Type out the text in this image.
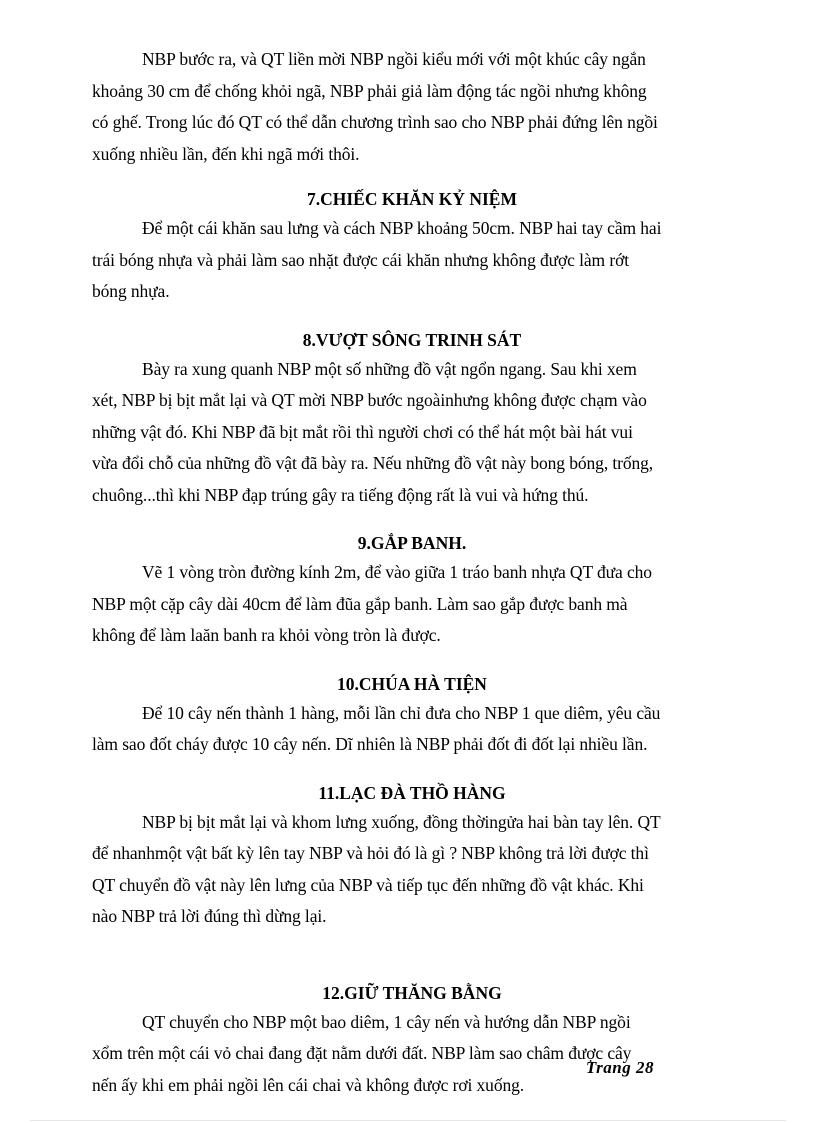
NBP bước ra, và QT liền mời NBP ngồi kiểu mới với một khúc cây ngắn

khoảng 30 cm để chống khỏi ngã, NBP phải giả làm động tác ngồi nhưng không

có ghế. Trong lúc đó QT có thể dẫn chương trình sao cho NBP phải đứng lên ngồi

xuống nhiều lần, đến khi ngã mới thôi.

7.CHIẾC KHĂN KỶ NIỆM

Để một cái khăn sau lưng và cách NBP khoảng 50cm. NBP hai tay cầm hai

trái bóng nhựa và phải làm sao nhặt được cái khăn nhưng không được làm rớt

bóng nhựa.

8.VƯỢT SÔNG TRINH SÁT

Bày ra xung quanh NBP một số những đồ vật ngổn ngang. Sau khi xem

xét, NBP bị bịt mắt lại và QT mời NBP bước ngoàinhưng không được chạm vào

những vật đó. Khi NBP đã bịt mắt rồi thì người chơi có thể hát một bài hát vui

vừa đổi chỗ của những đồ vật đã bày ra. Nếu những đồ vật này bong bóng, trống,

chuông...thì khi NBP đạp trúng gây ra tiếng động rất là vui và hứng thú.

9.GẮP BANH.

Vẽ 1 vòng tròn đường kính 2m, để vào giữa 1 tráo banh nhựa QT đưa cho

NBP một cặp cây dài 40cm để làm đũa gắp banh. Làm sao gắp được banh mà

không để làm laăn banh ra khỏi vòng tròn là được.

10.CHÚA HÀ TIỆN

Để 10 cây nến thành 1 hàng, mỗi lần chỉ đưa cho NBP 1 que diêm, yêu cầu

làm sao đốt cháy được 10 cây nến. Dĩ nhiên là NBP phải đốt đi đốt lại nhiều lần.

11.LẠC ĐÀ THỒ HÀNG

NBP bị bịt mắt lại và khom lưng xuống, đồng thờingửa hai bàn tay lên. QT

để nhanhmột vật bất kỳ lên tay NBP và hỏi đó là gì ? NBP không trả lời được thì

QT chuyển đồ vật này lên lưng của NBP và tiếp tục đến những đồ vật khác. Khi

nào NBP trả lời đúng thì dừng lại.

12.GIỮ THĂNG BẰNG

QT chuyển cho NBP một bao diêm, 1 cây nến và hướng dẫn NBP ngồi

xổm trên một cái vỏ chai đang đặt nằm dưới đất. NBP làm sao châm được cây

nến ấy khi em phải ngồi lên cái chai và không được rơi xuống.

Trang 28
